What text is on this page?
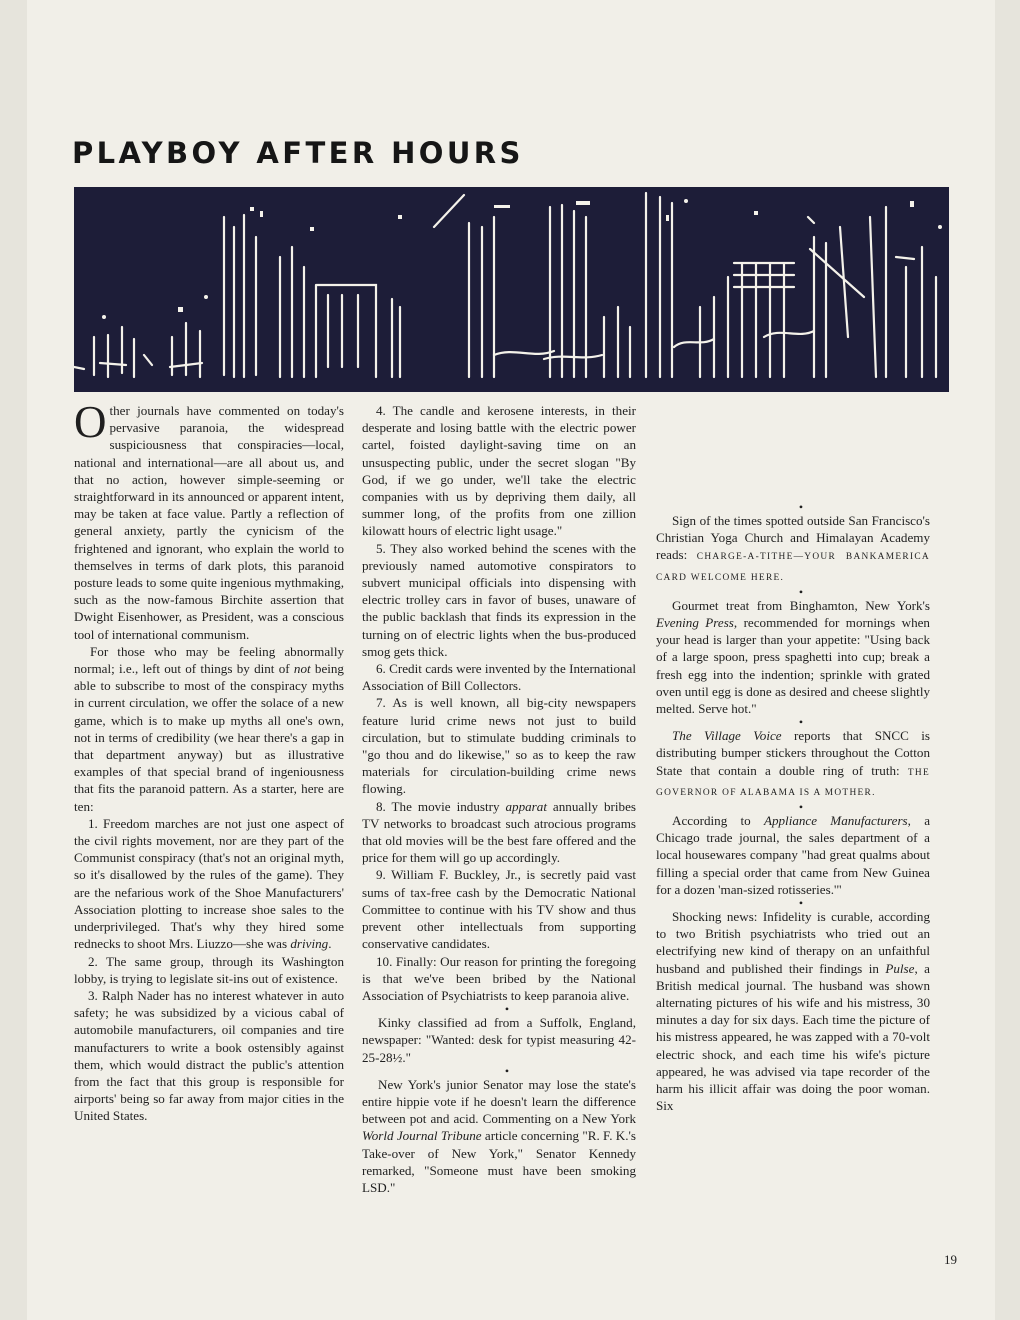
PLAYBOY AFTER HOURS

Other journals have commented on today's pervasive paranoia, the widespread suspiciousness that conspiracies—local, national and international—are all about us, and that no action, however simple-seeming or straightforward in its announced or apparent intent, may be taken at face value. Partly a reflection of general anxiety, partly the cynicism of the frightened and ignorant, who explain the world to themselves in terms of dark plots, this paranoid posture leads to some quite ingenious mythmaking, such as the now-famous Birchite assertion that Dwight Eisenhower, as President, was a conscious tool of international communism.

For those who may be feeling abnormally normal; i.e., left out of things by dint of not being able to subscribe to most of the conspiracy myths in current circulation, we offer the solace of a new game, which is to make up myths all one's own, not in terms of credibility (we hear there's a gap in that department anyway) but as illustrative examples of that special brand of ingeniousness that fits the paranoid pattern. As a starter, here are ten:

1. Freedom marches are not just one aspect of the civil rights movement, nor are they part of the Communist conspiracy (that's not an original myth, so it's disallowed by the rules of the game). They are the nefarious work of the Shoe Manufacturers' Association plotting to increase shoe sales to the underprivileged. That's why they hired some rednecks to shoot Mrs. Liuzzo—she was driving.

2. The same group, through its Washington lobby, is trying to legislate sit-ins out of existence.

3. Ralph Nader has no interest whatever in auto safety; he was subsidized by a vicious cabal of automobile manufacturers, oil companies and tire manufacturers to write a book ostensibly against them, which would distract the public's attention from the fact that this group is responsible for airports' being so far away from major cities in the United States.

4. The candle and kerosene interests, in their desperate and losing battle with the electric power cartel, foisted daylight-saving time on an unsuspecting public, under the secret slogan "By God, if we go under, we'll take the electric companies with us by depriving them daily, all summer long, of the profits from one zillion kilowatt hours of electric light usage."

5. They also worked behind the scenes with the previously named automotive conspirators to subvert municipal officials into dispensing with electric trolley cars in favor of buses, unaware of the public backlash that finds its expression in the turning on of electric lights when the bus-produced smog gets thick.

6. Credit cards were invented by the International Association of Bill Collectors.

7. As is well known, all big-city newspapers feature lurid crime news not just to build circulation, but to stimulate budding criminals to "go thou and do likewise," so as to keep the raw materials for circulation-building crime news flowing.

8. The movie industry apparat annually bribes TV networks to broadcast such atrocious programs that old movies will be the best fare offered and the price for them will go up accordingly.

9. William F. Buckley, Jr., is secretly paid vast sums of tax-free cash by the Democratic National Committee to continue with his TV show and thus prevent other intellectuals from supporting conservative candidates.

10. Finally: Our reason for printing the foregoing is that we've been bribed by the National Association of Psychiatrists to keep paranoia alive.

•

Kinky classified ad from a Suffolk, England, newspaper: "Wanted: desk for typist measuring 42-25-28½."

•

New York's junior Senator may lose the state's entire hippie vote if he doesn't learn the difference between pot and acid. Commenting on a New York World Journal Tribune article concerning "R. F. K.'s Take-over of New York," Senator Kennedy remarked, "Someone must have been smoking LSD."

•

Sign of the times spotted outside San Francisco's Christian Yoga Church and Himalayan Academy reads: CHARGE-A-TITHE—YOUR BANKAMERICA CARD WELCOME HERE.

•

Gourmet treat from Binghamton, New York's Evening Press, recommended for mornings when your head is larger than your appetite: "Using back of a large spoon, press spaghetti into cup; break a fresh egg into the indention; sprinkle with grated oven until egg is done as desired and cheese slightly melted. Serve hot."

•

The Village Voice reports that SNCC is distributing bumper stickers throughout the Cotton State that contain a double ring of truth: THE GOVERNOR OF ALABAMA IS A MOTHER.

•

According to Appliance Manufacturers, a Chicago trade journal, the sales department of a local housewares company "had great qualms about filling a special order that came from New Guinea for a dozen 'man-sized rotisseries.'"

•

Shocking news: Infidelity is curable, according to two British psychiatrists who tried out an electrifying new kind of therapy on an unfaithful husband and published their findings in Pulse, a British medical journal. The husband was shown alternating pictures of his wife and his mistress, 30 minutes a day for six days. Each time the picture of his mistress appeared, he was zapped with a 70-volt electric shock, and each time his wife's picture appeared, he was advised via tape recorder of the harm his illicit affair was doing the poor woman. Six

19
